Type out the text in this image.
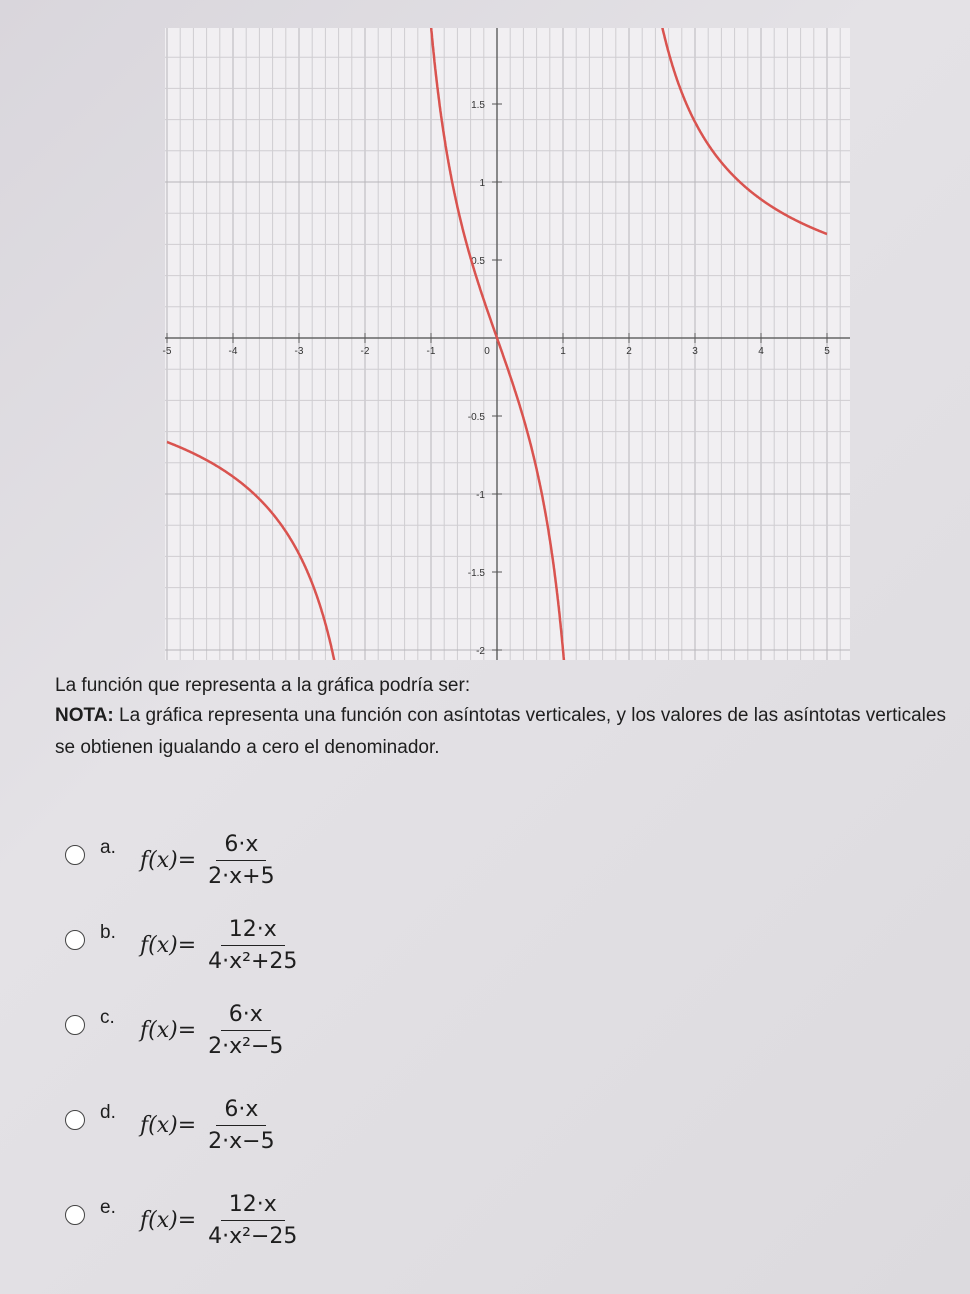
-5	-4	-3	-2	-1	0	1	2	3	4	5
1.5
1
0.5
-0.5
-1
-1.5
-2

La función que representa a la gráfica podría ser:

NOTA: La gráfica representa una función con asíntotas verticales, y los valores de las asíntotas verticales se obtienen igualando a cero el denominador.

a. $f(x)= \frac{6\cdot x}{2\cdot x+5}$
b. $f(x)= \frac{12\cdot x}{\text{4·x²+25}}$
c. $f(x)= \frac{6\cdot x}{\text{2·x²−5}}$
d. $f(x)= \frac{6\cdot x}{2\cdot x-5}$
e. $f(x)= \frac{12\cdot x}{\text{4·x²−25}}$
